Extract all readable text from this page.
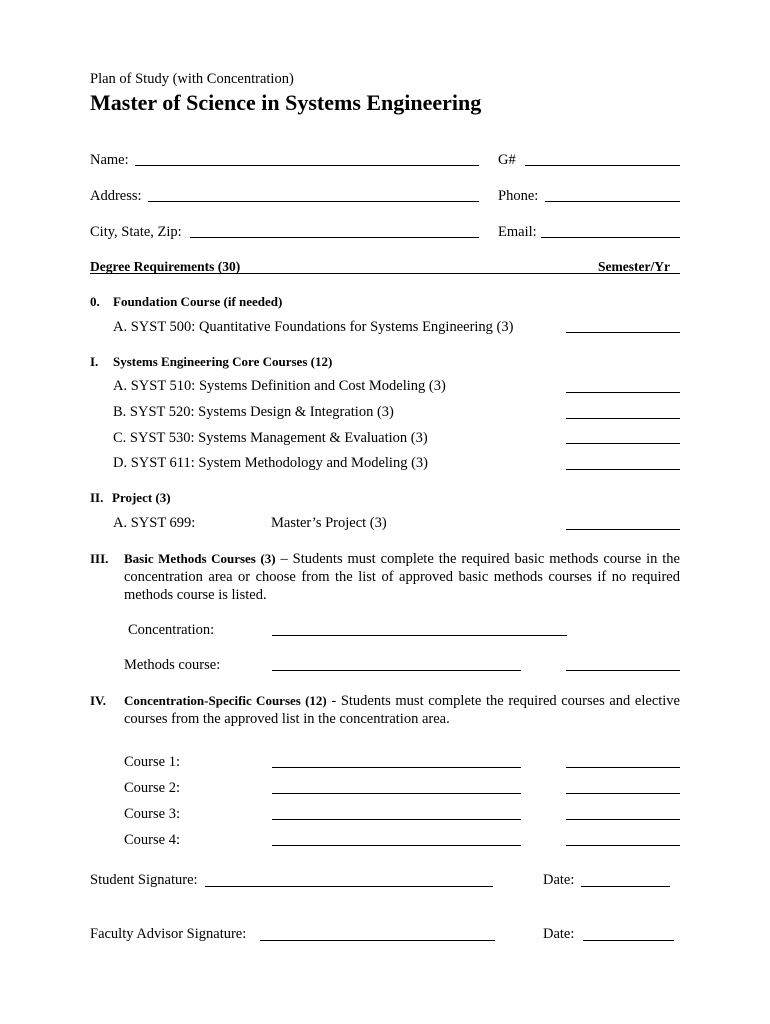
Plan of Study (with Concentration)
Master of Science in Systems Engineering
Name:	G#
Address:	Phone:
City, State, Zip:	Email:
Degree Requirements (30)	Semester/Yr
0. Foundation Course (if needed)
A. SYST 500: Quantitative Foundations for Systems Engineering (3)
I. Systems Engineering Core Courses (12)
A. SYST 510: Systems Definition and Cost Modeling (3)
B. SYST 520: Systems Design & Integration (3)
C. SYST 530: Systems Management & Evaluation (3)
D. SYST 611: System Methodology and Modeling (3)
II. Project (3)
A. SYST 699:	Master’s Project (3)
III. Basic Methods Courses (3) – Students must complete the required basic methods course in the concentration area or choose from the list of approved basic methods courses if no required methods course is listed.
Concentration:
Methods course:
IV. Concentration-Specific Courses (12) - Students must complete the required courses and elective courses from the approved list in the concentration area.
Course 1:
Course 2:
Course 3:
Course 4:
Student Signature:	Date:
Faculty Advisor Signature:	Date:
